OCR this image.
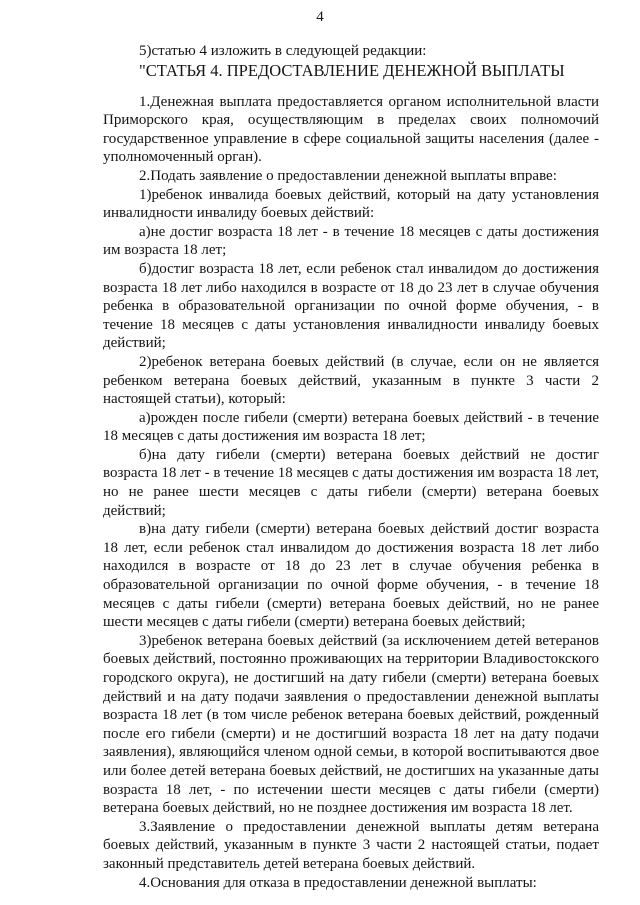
4

5)статью 4 изложить в следующей редакции:

"СТАТЬЯ 4. ПРЕДОСТАВЛЕНИЕ ДЕНЕЖНОЙ ВЫПЛАТЫ

1.Денежная выплата предоставляется органом исполнительной власти Приморского края, осуществляющим в пределах своих полномочий государственное управление в сфере социальной защиты населения (далее - уполномоченный орган).

2.Подать заявление о предоставлении денежной выплаты вправе:

1)ребенок инвалида боевых действий, который на дату установления инвалидности инвалиду боевых действий:

а)не достиг возраста 18 лет - в течение 18 месяцев с даты достижения им возраста 18 лет;

б)достиг возраста 18 лет, если ребенок стал инвалидом до достижения возраста 18 лет либо находился в возрасте от 18 до 23 лет в случае обучения ребенка в образовательной организации по очной форме обучения, - в течение 18 месяцев с даты установления инвалидности инвалиду боевых действий;

2)ребенок ветерана боевых действий (в случае, если он не является ребенком ветерана боевых действий, указанным в пункте 3 части 2 настоящей статьи), который:

а)рожден после гибели (смерти) ветерана боевых действий - в течение 18 месяцев с даты достижения им возраста 18 лет;

б)на дату гибели (смерти) ветерана боевых действий не достиг возраста 18 лет - в течение 18 месяцев с даты достижения им возраста 18 лет, но не ранее шести месяцев с даты гибели (смерти) ветерана боевых действий;

в)на дату гибели (смерти) ветерана боевых действий достиг возраста 18 лет, если ребенок стал инвалидом до достижения возраста 18 лет либо находился в возрасте от 18 до 23 лет в случае обучения ребенка в образовательной организации по очной форме обучения, - в течение 18 месяцев с даты гибели (смерти) ветерана боевых действий, но не ранее шести месяцев с даты гибели (смерти) ветерана боевых действий;

3)ребенок ветерана боевых действий (за исключением детей ветеранов боевых действий, постоянно проживающих на территории Владивостокского городского округа), не достигший на дату гибели (смерти) ветерана боевых действий и на дату подачи заявления о предоставлении денежной выплаты возраста 18 лет (в том числе ребенок ветерана боевых действий, рожденный после его гибели (смерти) и не достигший возраста 18 лет на дату подачи заявления), являющийся членом одной семьи, в которой воспитываются двое или более детей ветерана боевых действий, не достигших на указанные даты возраста 18 лет, - по истечении шести месяцев с даты гибели (смерти) ветерана боевых действий, но не позднее достижения им возраста 18 лет.

3.Заявление о предоставлении денежной выплаты детям ветерана боевых действий, указанным в пункте 3 части 2 настоящей статьи, подает законный представитель детей ветерана боевых действий.

4.Основания для отказа в предоставлении денежной выплаты:
